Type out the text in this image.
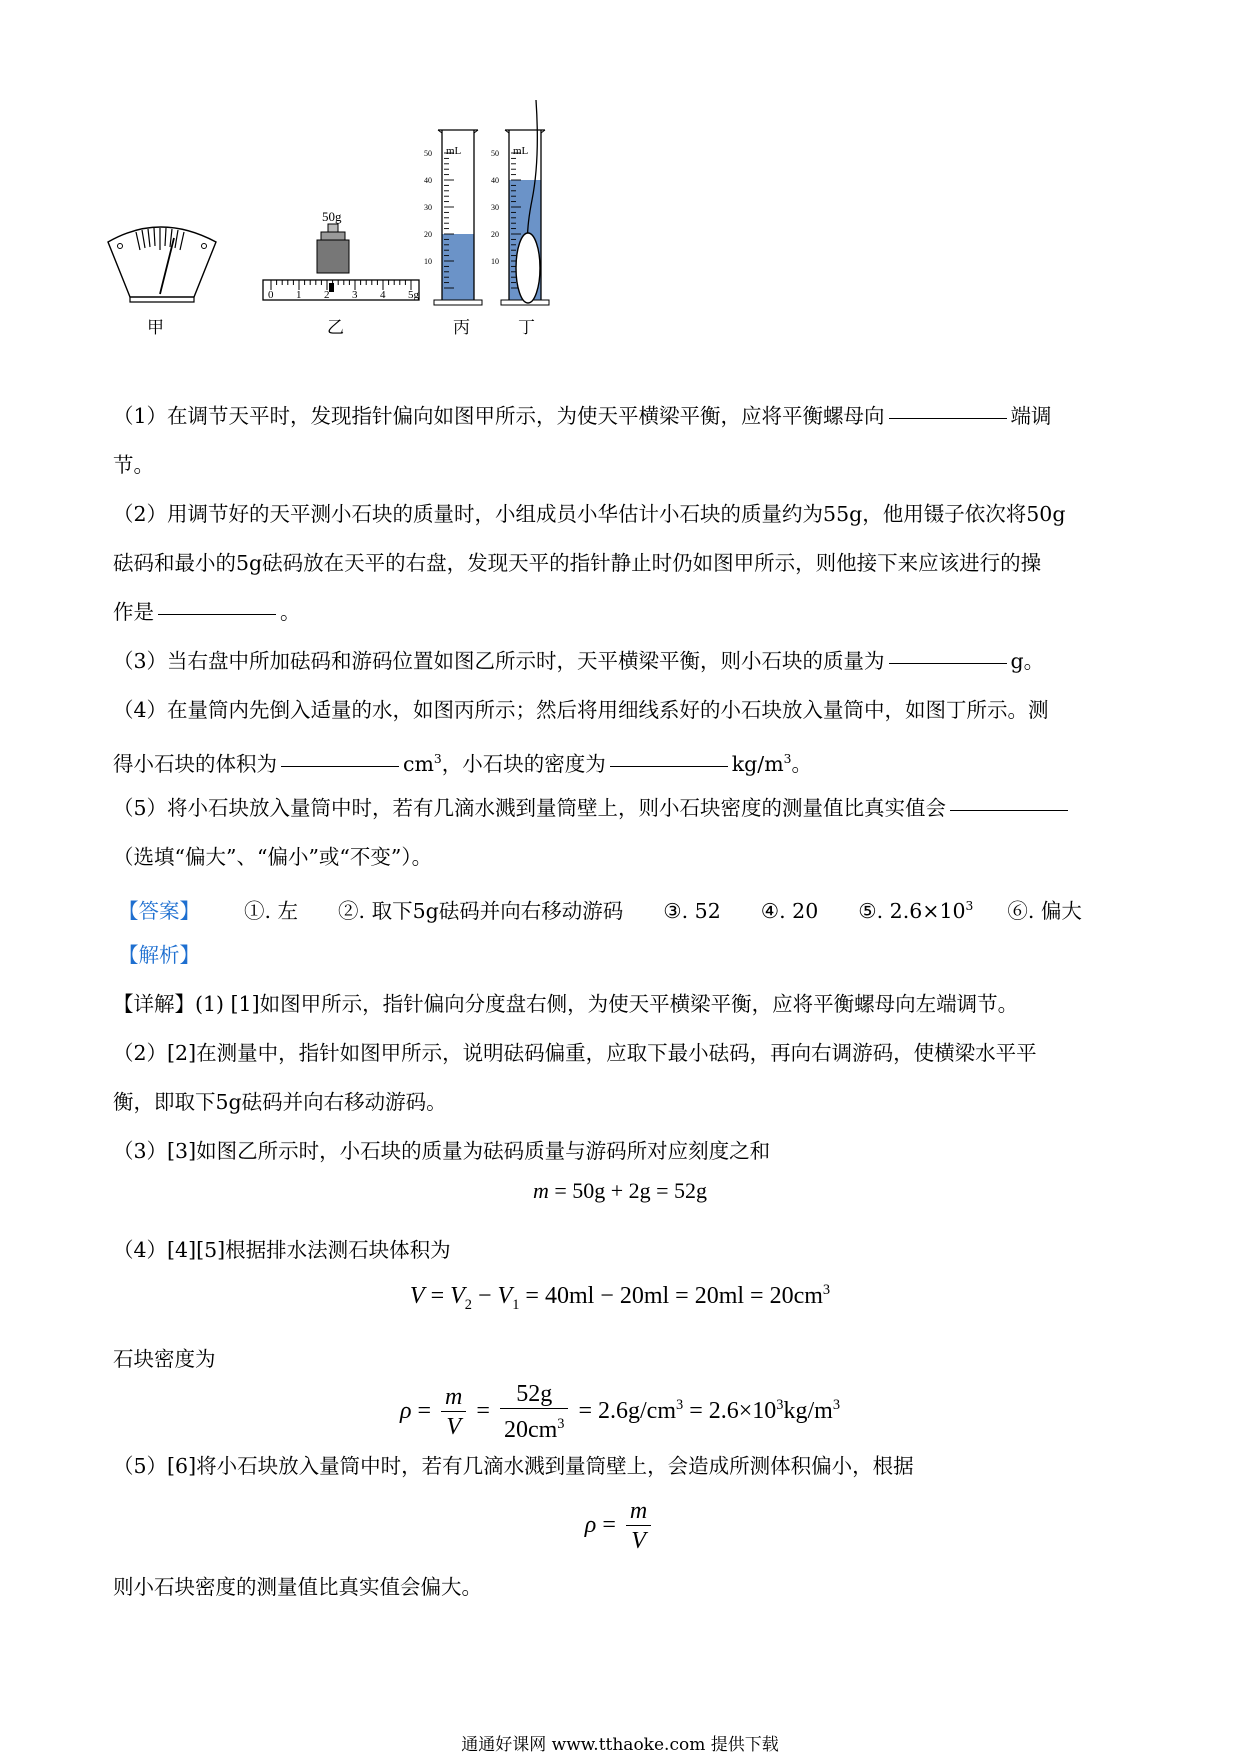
50g
0 1 2 3 4 5g
mL
50
40
30
20
10
mL
50
40
30
20
10
甲	乙	丙	丁

（1）在调节天平时，发现指针偏向如图甲所示，为使天平横梁平衡，应将平衡螺母向	端调

节。

（2）用调节好的天平测小石块的质量时，小组成员小华估计小石块的质量约为55g，他用镊子依次将50g

砝码和最小的5g砝码放在天平的右盘，发现天平的指针静止时仍如图甲所示，则他接下来应该进行的操

作是	。

（3）当右盘中所加砝码和游码位置如图乙所示时，天平横梁平衡，则小石块的质量为	g。

（4）在量筒内先倒入适量的水，如图丙所示；然后将用细线系好的小石块放入量筒中，如图丁所示。测

得小石块的体积为	$cm^3$，小石块的密度为	$kg/m^3$。

（5）将小石块放入量筒中时，若有几滴水溅到量筒壁上，则小石块密度的测量值比真实值会

（选填“偏大”、“偏小”或“不变”）。

【答案】 ①. 左 ②. 取下5g砝码并向右移动游码 ③. 52 ④. 20 ⑤. $2.6\times 10^3$ ⑥. 偏大

【解析】

【详解】(1) [1]如图甲所示，指针偏向分度盘右侧，为使天平横梁平衡，应将平衡螺母向左端调节。

（2）[2]在测量中，指针如图甲所示，说明砝码偏重，应取下最小砝码，再向右调游码，使横梁水平平

衡，即取下5g砝码并向右移动游码。

（3）[3]如图乙所示时，小石块的质量为砝码质量与游码所对应刻度之和

m = 50g + 2g = 52g

（4）[4][5]根据排水法测石块体积为

$V = V_2 - V_1 = 40ml - 20ml = 20ml = 20cm^3$

石块密度为

$\rho = \frac{m}{V} = \frac{52g}{20cm^3} = 2.6g/cm^3 = 2.6\times 10^3kg/m^3$

（5）[6]将小石块放入量筒中时，若有几滴水溅到量筒壁上，会造成所测体积偏小，根据

$\rho = \frac{m}{V}$

则小石块密度的测量值比真实值会偏大。

通通好课网 www.tthaoke.com 提供下载
